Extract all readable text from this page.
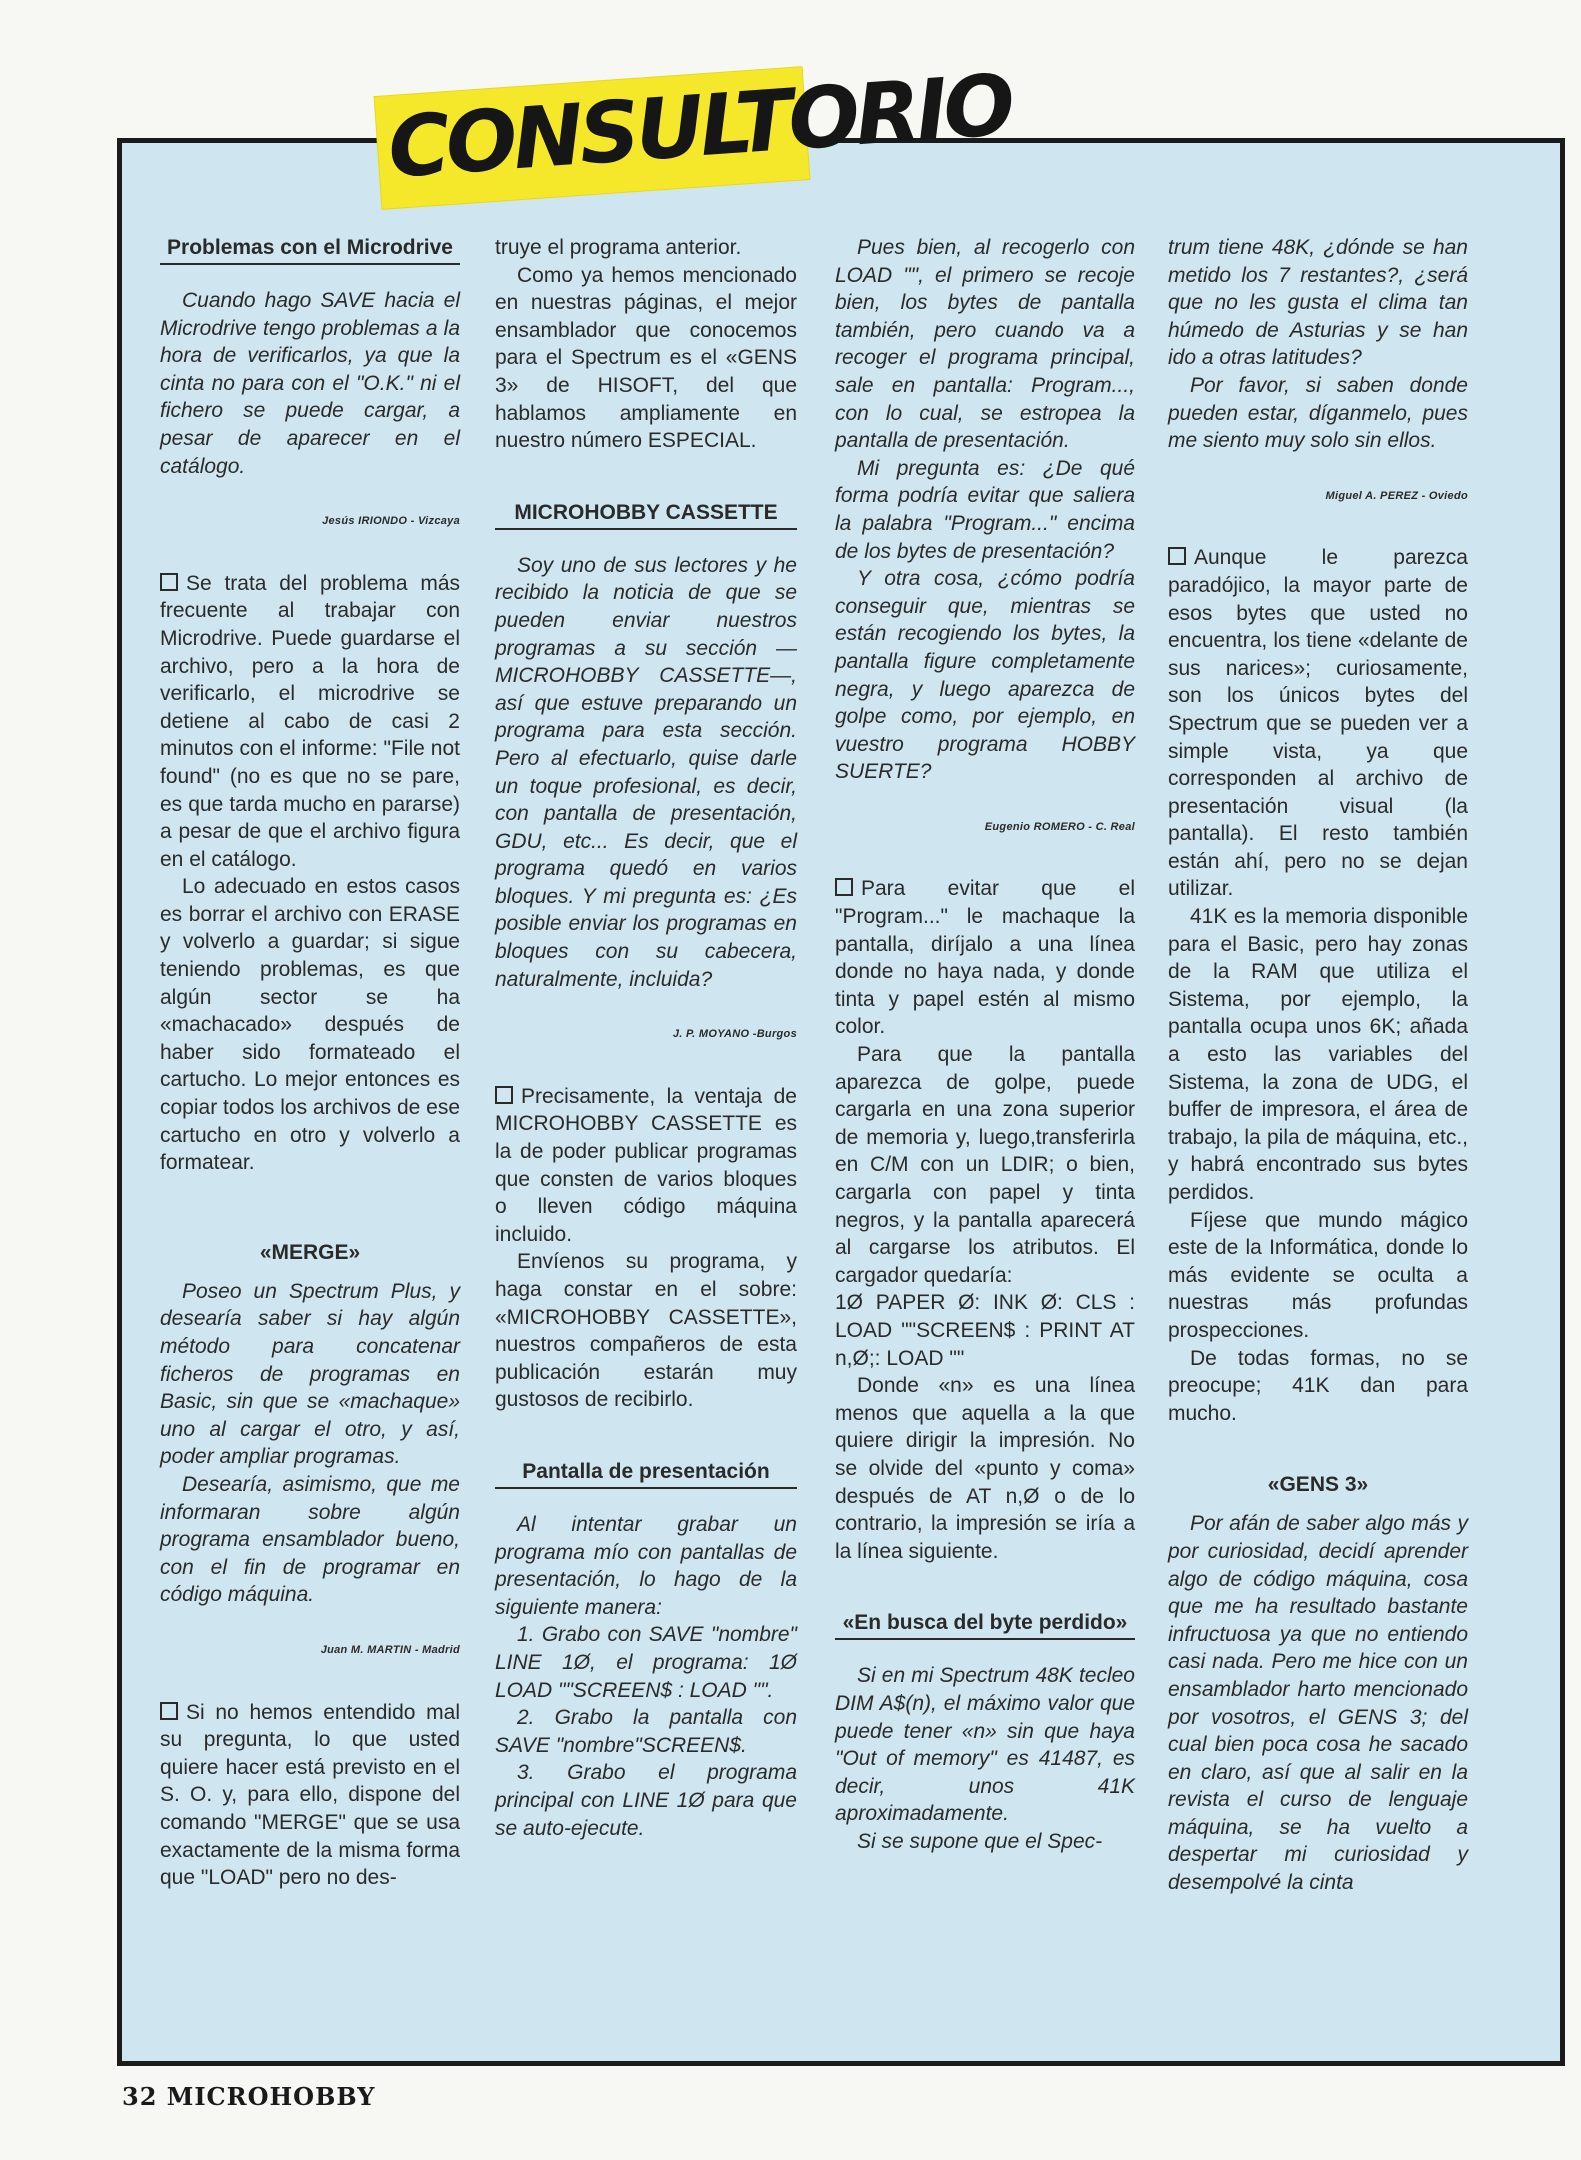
CONSULTORIO
Problemas con el Microdrive

Cuando hago SAVE hacia el Microdrive tengo problemas a la hora de verificarlos, ya que la cinta no para con el "O.K." ni el fichero se puede cargar, a pesar de aparecer en el catálogo.

Jesús IRIONDO - Vizcaya

Se trata del problema más frecuente al trabajar con Microdrive. Puede guardarse el archivo, pero a la hora de verificarlo, el microdrive se detiene al cabo de casi 2 minutos con el informe: "File not found" (no es que no se pare, es que tarda mucho en pararse) a pesar de que el archivo figura en el catálogo.

Lo adecuado en estos casos es borrar el archivo con ERASE y volverlo a guardar; si sigue teniendo problemas, es que algún sector se ha «machacado» después de haber sido formateado el cartucho. Lo mejor entonces es copiar todos los archivos de ese cartucho en otro y volverlo a formatear.

«MERGE»

Poseo un Spectrum Plus, y desearía saber si hay algún método para concatenar ficheros de programas en Basic, sin que se «machaque» uno al cargar el otro, y así, poder ampliar programas.

Desearía, asimismo, que me informaran sobre algún programa ensamblador bueno, con el fin de programar en código máquina.

Juan M. MARTIN - Madrid

Si no hemos entendido mal su pregunta, lo que usted quiere hacer está previsto en el S. O. y, para ello, dispone del comando "MERGE" que se usa exactamente de la misma forma que "LOAD" pero no des-

truye el programa anterior.

Como ya hemos mencionado en nuestras páginas, el mejor ensamblador que conocemos para el Spectrum es el «GENS 3» de HISOFT, del que hablamos ampliamente en nuestro número ESPECIAL.

MICROHOBBY CASSETTE

Soy uno de sus lectores y he recibido la noticia de que se pueden enviar nuestros programas a su sección — MICROHOBBY CASSETTE—, así que estuve preparando un programa para esta sección. Pero al efectuarlo, quise darle un toque profesional, es decir, con pantalla de presentación, GDU, etc... Es decir, que el programa quedó en varios bloques. Y mi pregunta es: ¿Es posible enviar los programas en bloques con su cabecera, naturalmente, incluida?

J. P. MOYANO -Burgos

Precisamente, la ventaja de MICROHOBBY CASSETTE es la de poder publicar programas que consten de varios bloques o lleven código máquina incluido.

Envíenos su programa, y haga constar en el sobre: «MICROHOBBY CASSETTE», nuestros compañeros de esta publicación estarán muy gustosos de recibirlo.

Pantalla de presentación

Al intentar grabar un programa mío con pantallas de presentación, lo hago de la siguiente manera:

1. Grabo con SAVE "nombre" LINE 1Ø, el programa: 1Ø LOAD ""SCREEN$ : LOAD "".

2. Grabo la pantalla con SAVE "nombre"SCREEN$.

3. Grabo el programa principal con LINE 1Ø para que se auto-ejecute.

Pues bien, al recogerlo con LOAD "", el primero se recoje bien, los bytes de pantalla también, pero cuando va a recoger el programa principal, sale en pantalla: Program..., con lo cual, se estropea la pantalla de presentación.

Mi pregunta es: ¿De qué forma podría evitar que saliera la palabra "Program..." encima de los bytes de presentación?

Y otra cosa, ¿cómo podría conseguir que, mientras se están recogiendo los bytes, la pantalla figure completamente negra, y luego aparezca de golpe como, por ejemplo, en vuestro programa HOBBY SUERTE?

Eugenio ROMERO - C. Real

Para evitar que el "Program..." le machaque la pantalla, diríjalo a una línea donde no haya nada, y donde tinta y papel estén al mismo color.

Para que la pantalla aparezca de golpe, puede cargarla en una zona superior de memoria y, luego,transferirla en C/M con un LDIR; o bien, cargarla con papel y tinta negros, y la pantalla aparecerá al cargarse los atributos. El cargador quedaría:

1Ø PAPER Ø: INK Ø: CLS : LOAD ""SCREEN$ : PRINT AT n,Ø;: LOAD ""

Donde «n» es una línea menos que aquella a la que quiere dirigir la impresión. No se olvide del «punto y coma» después de AT n,Ø o de lo contrario, la impresión se iría a la línea siguiente.

«En busca del byte perdido»

Si en mi Spectrum 48K tecleo DIM A$(n), el máximo valor que puede tener «n» sin que haya "Out of memory" es 41487, es decir, unos 41K aproximadamente.

Si se supone que el Spec-

trum tiene 48K, ¿dónde se han metido los 7 restantes?, ¿será que no les gusta el clima tan húmedo de Asturias y se han ido a otras latitudes?

Por favor, si saben donde pueden estar, díganmelo, pues me siento muy solo sin ellos.

Miguel A. PEREZ - Oviedo

Aunque le parezca paradójico, la mayor parte de esos bytes que usted no encuentra, los tiene «delante de sus narices»; curiosamente, son los únicos bytes del Spectrum que se pueden ver a simple vista, ya que corresponden al archivo de presentación visual (la pantalla). El resto también están ahí, pero no se dejan utilizar.

41K es la memoria disponible para el Basic, pero hay zonas de la RAM que utiliza el Sistema, por ejemplo, la pantalla ocupa unos 6K; añada a esto las variables del Sistema, la zona de UDG, el buffer de impresora, el área de trabajo, la pila de máquina, etc., y habrá encontrado sus bytes perdidos.

Fíjese que mundo mágico este de la Informática, donde lo más evidente se oculta a nuestras más profundas prospecciones.

De todas formas, no se preocupe; 41K dan para mucho.

«GENS 3»

Por afán de saber algo más y por curiosidad, decidí aprender algo de código máquina, cosa que me ha resultado bastante infructuosa ya que no entiendo casi nada. Pero me hice con un ensamblador harto mencionado por vosotros, el GENS 3; del cual bien poca cosa he sacado en claro, así que al salir en la revista el curso de lenguaje máquina, se ha vuelto a despertar mi curiosidad y desempolvé la cinta

32 MICROHOBBY
